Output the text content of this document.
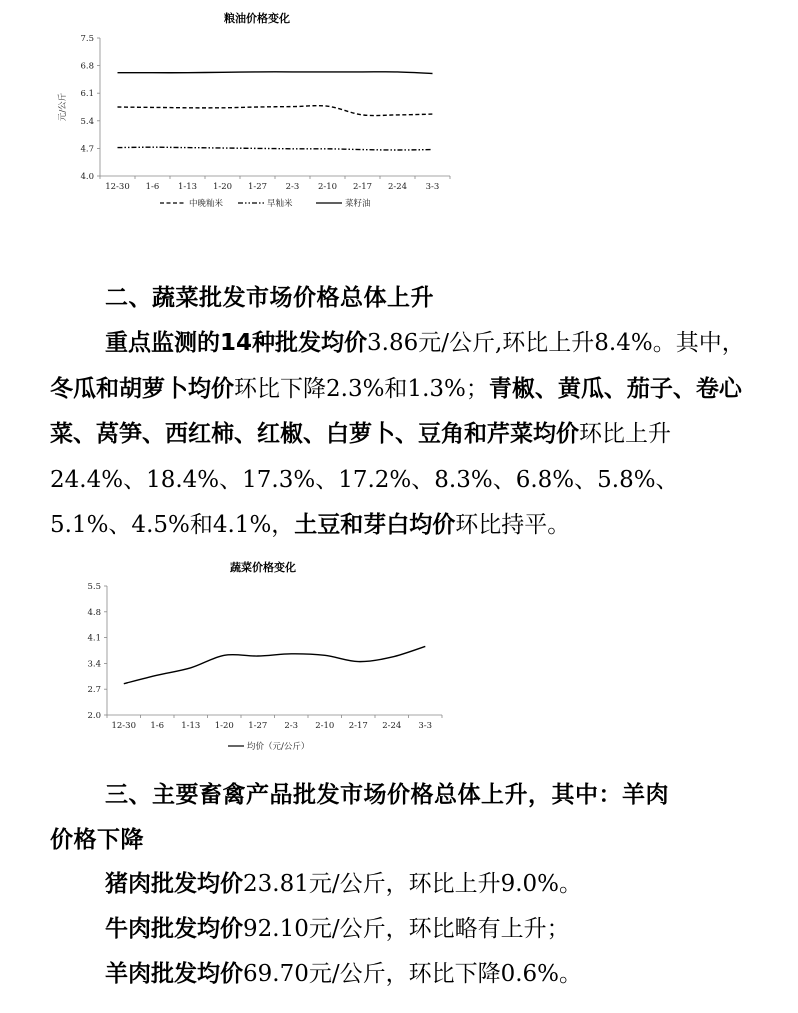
粮油价格变化
4.0
4.7
5.4
6.1
6.8
7.5
12-30 1-6 1-13 1-20 1-27 2-3 2-10 2-17 2-24 3-3
元/公斤
中晚籼米	早籼米	菜籽油
二、蔬菜批发市场价格总体上升
重点监测的14种批发均价3.86元/公斤,环比上升8.4%。其中，冬瓜和胡萝卜均价环比下降2.3%和1.3%；青椒、黄瓜、茄子、卷心菜、莴笋、西红柿、红椒、白萝卜、豆角和芹菜均价环比上升24.4%、18.4%、17.3%、17.2%、8.3%、6.8%、5.8%、5.1%、4.5%和4.1%，土豆和芽白均价环比持平。
蔬菜价格变化
2.0
2.7
3.4
4.1
4.8
5.5
12-30 1-6 1-13 1-20 1-27 2-3 2-10 2-17 2-24 3-3
均价（元/公斤）
三、主要畜禽产品批发市场价格总体上升，其中：羊肉
价格下降
猪肉批发均价23.81元/公斤，环比上升9.0%。
牛肉批发均价92.10元/公斤，环比略有上升；
羊肉批发均价69.70元/公斤，环比下降0.6%。
